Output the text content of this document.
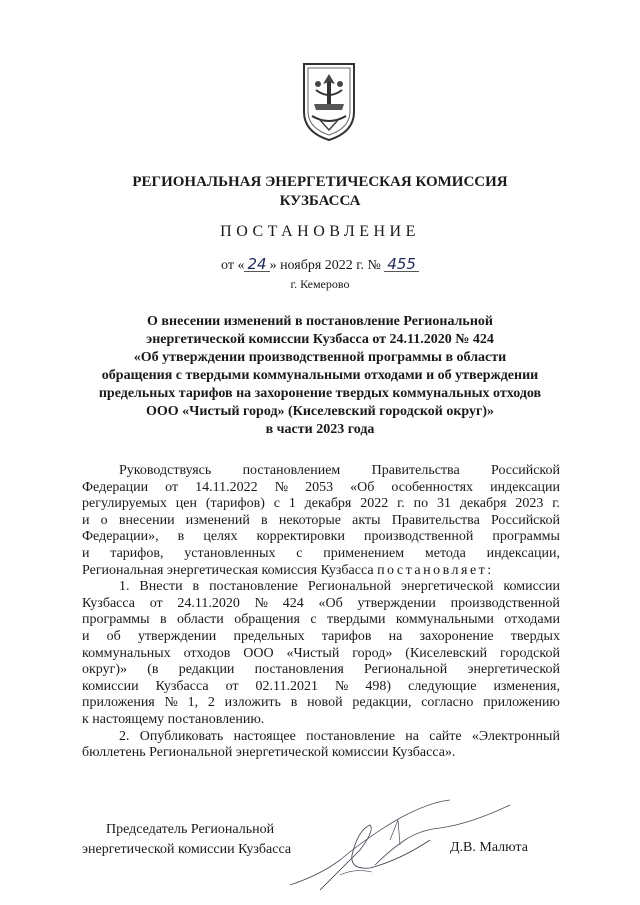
РЕГИОНАЛЬНАЯ ЭНЕРГЕТИЧЕСКАЯ КОМИССИЯ
КУЗБАССА
ПОСТАНОВЛЕНИЕ
от « 24 » ноября 2022 г. № 455
г. Кемерово
О внесении изменений в постановление Региональной
энергетической комиссии Кузбасса от 24.11.2020 № 424
«Об утверждении производственной программы в области
обращения с твердыми коммунальными отходами и об утверждении
предельных тарифов на захоронение твердых коммунальных отходов
ООО «Чистый город» (Киселевский городской округ)»
в части 2023 года
Руководствуясь постановлением Правительства Российской
Федерации от 14.11.2022 № 2053 «Об особенностях индексации
регулируемых цен (тарифов) с 1 декабря 2022 г. по 31 декабря 2023 г.
и о внесении изменений в некоторые акты Правительства Российской
Федерации», в целях корректировки производственной программы
и тарифов, установленных с применением метода индексации,
Региональная энергетическая комиссия Кузбасса постановляет:
1. Внести в постановление Региональной энергетической комиссии
Кузбасса от 24.11.2020 № 424 «Об утверждении производственной
программы в области обращения с твердыми коммунальными отходами
и об утверждении предельных тарифов на захоронение твердых
коммунальных отходов ООО «Чистый город» (Киселевский городской
округ)» (в редакции постановления Региональной энергетической
комиссии Кузбасса от 02.11.2021 № 498) следующие изменения,
приложения № 1, 2 изложить в новой редакции, согласно приложению
к настоящему постановлению.
2. Опубликовать настоящее постановление на сайте «Электронный
бюллетень Региональной энергетической комиссии Кузбасса».
Председатель Региональной
энергетической комиссии Кузбасса	Д.В. Малюта
